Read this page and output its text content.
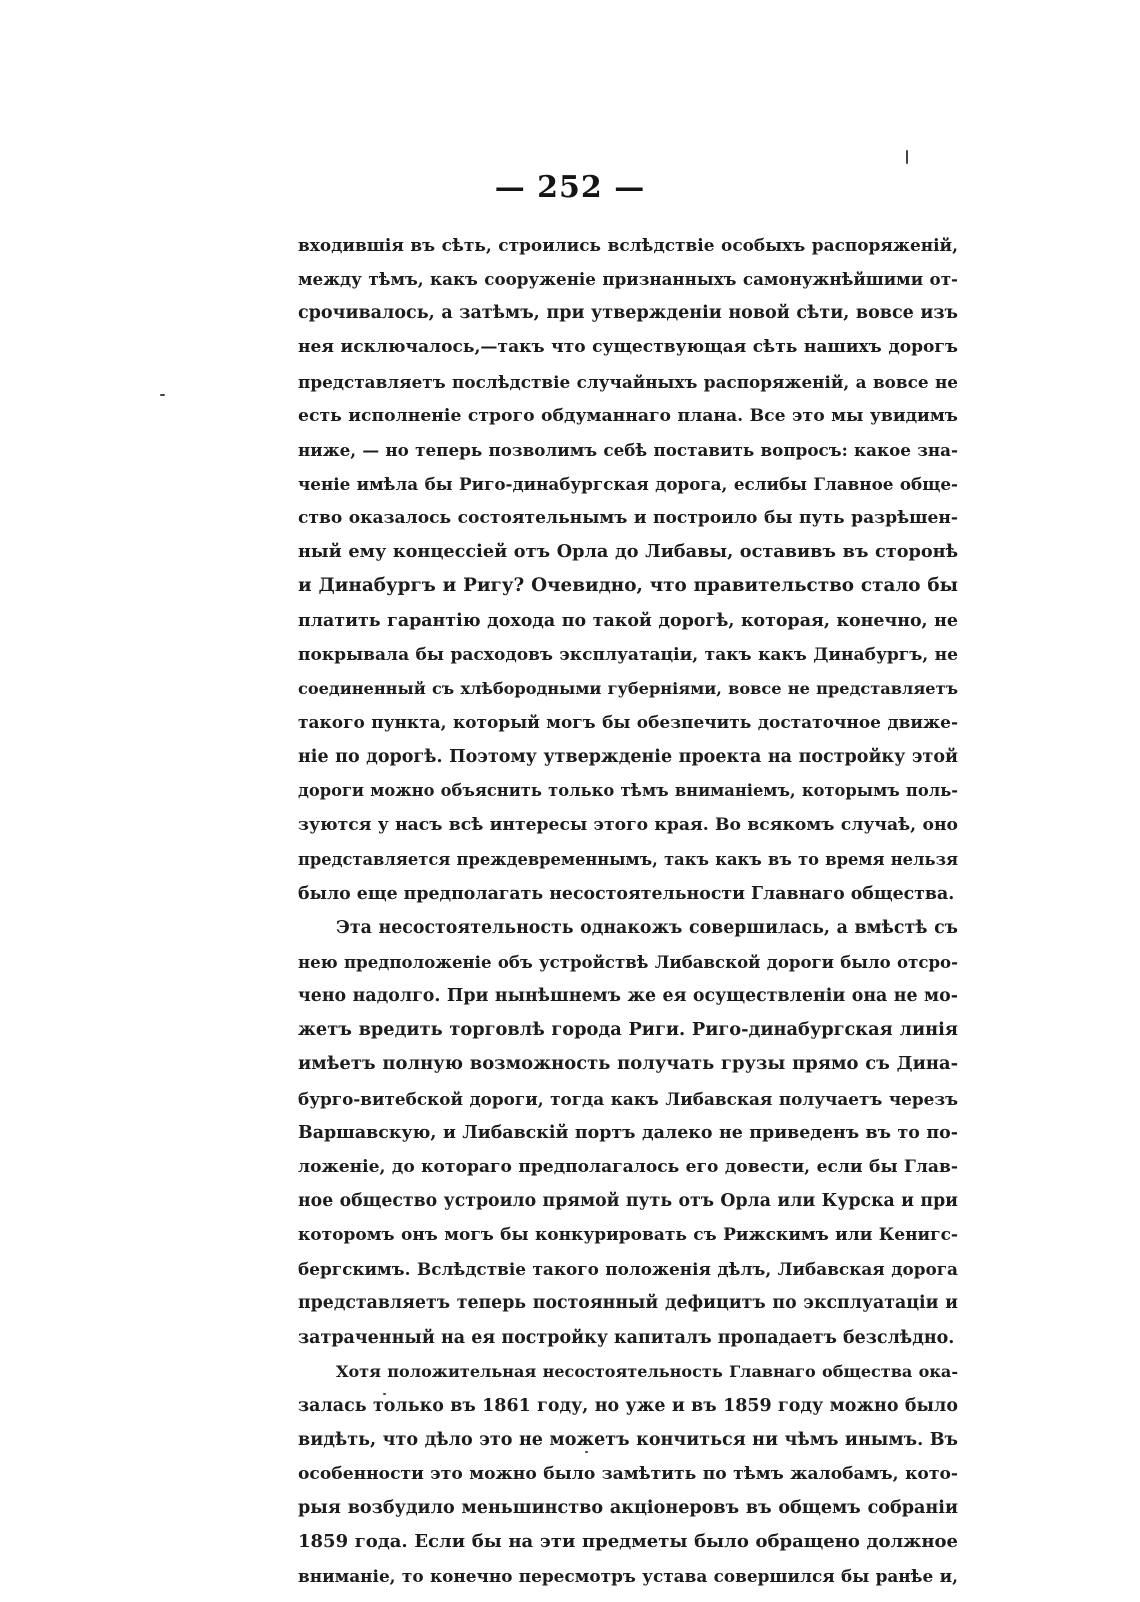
— 252 —
входившія въ сѣть, строились вслѣдствіе особыхъ распоряженій,
между тѣмъ, какъ сооруженіе признанныхъ самонужнѣйшими от-
срочивалось, а затѣмъ, при утвержденіи новой сѣти, вовсе изъ
нея исключалось,—такъ что существующая сѣть нашихъ дорогъ
представляетъ послѣдствіе случайныхъ распоряженій, а вовсе не
есть исполненіе строго обдуманнаго плана. Все это мы увидимъ
ниже, — но теперь позволимъ себѣ поставить вопросъ: какое зна-
ченіе имѣла бы Риго-динабургская дорога, еслибы Главное обще-
ство оказалось состоятельнымъ и построило бы путь разрѣшен-
ный ему концессіей отъ Орла до Либавы, оставивъ въ сторонѣ
и Динабургъ и Ригу? Очевидно, что правительство стало бы
платить гарантію дохода по такой дорогѣ, которая, конечно, не
покрывала бы расходовъ эксплуатаціи, такъ какъ Динабургъ, не
соединенный съ хлѣбородными губерніями, вовсе не представляетъ
такого пункта, который могъ бы обезпечить достаточное движе-
ніе по дорогѣ. Поэтому утвержденіе проекта на постройку этой
дороги можно объяснить только тѣмъ вниманіемъ, которымъ поль-
зуются у насъ всѣ интересы этого края. Во всякомъ случаѣ, оно
представляется преждевременнымъ, такъ какъ въ то время нельзя
было еще предполагать несостоятельности Главнаго общества.
Эта несостоятельность однакожъ совершилась, а вмѣстѣ съ
нею предположеніе объ устройствѣ Либавской дороги было отсро-
чено надолго. При нынѣшнемъ же ея осуществленіи она не мо-
жетъ вредить торговлѣ города Риги. Риго-динабургская линія
имѣетъ полную возможность получать грузы прямо съ Дина-
бурго-витебской дороги, тогда какъ Либавская получаетъ черезъ
Варшавскую, и Либавскій портъ далеко не приведенъ въ то по-
ложеніе, до котораго предполагалось его довести, если бы Глав-
ное общество устроило прямой путь отъ Орла или Курска и при
которомъ онъ могъ бы конкурировать съ Рижскимъ или Кенигс-
бергскимъ. Вслѣдствіе такого положенія дѣлъ, Либавская дорога
представляетъ теперь постоянный дефицитъ по эксплуатаціи и
затраченный на ея постройку капиталъ пропадаетъ безслѣдно.
Хотя положительная несостоятельность Главнаго общества ока-
залась только въ 1861 году, но уже и въ 1859 году можно было
видѣть, что дѣло это не можетъ кончиться ни чѣмъ инымъ. Въ
особенности это можно было замѣтить по тѣмъ жалобамъ, кото-
рыя возбудило меньшинство акціонеровъ въ общемъ собраніи
1859 года. Если бы на эти предметы было обращено должное
вниманіе, то конечно пересмотръ устава совершился бы ранѣе и,
